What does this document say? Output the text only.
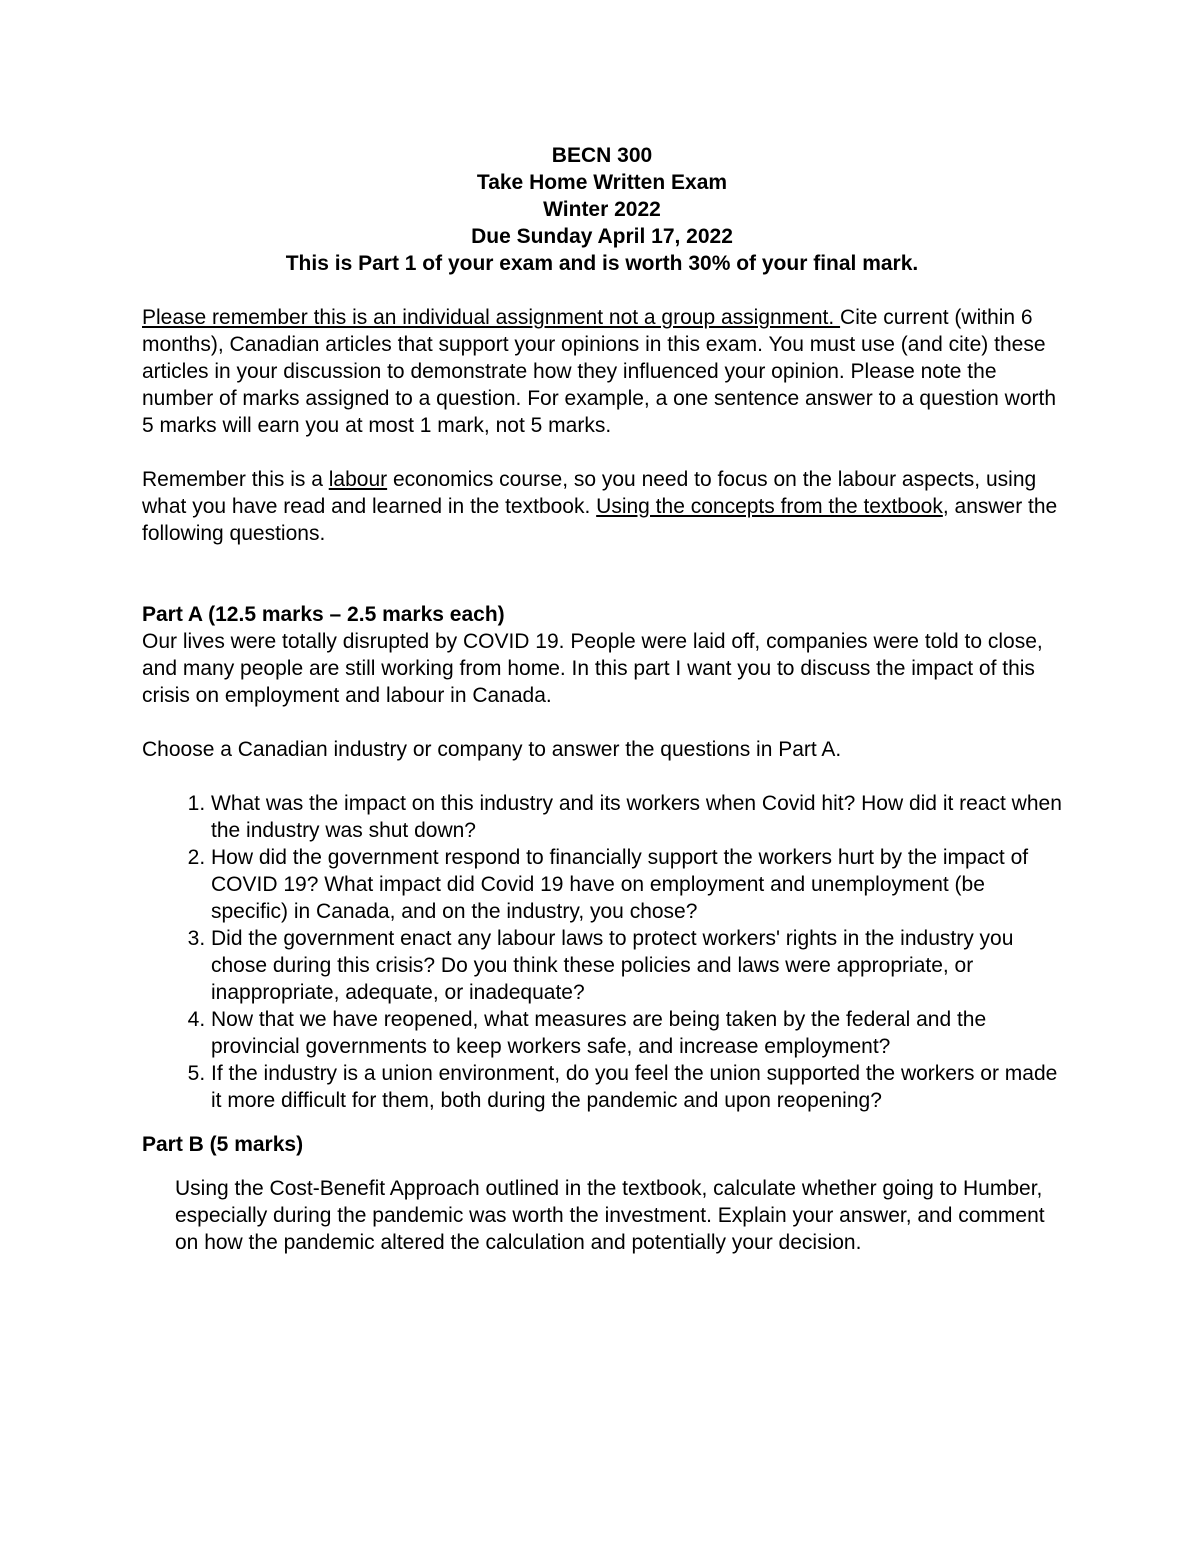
BECN 300
Take Home Written Exam
Winter 2022
Due Sunday April 17, 2022
This is Part 1 of your exam and is worth 30% of your final mark.

Please remember this is an individual assignment not a group assignment. Cite current (within 6 months), Canadian articles that support your opinions in this exam. You must use (and cite) these articles in your discussion to demonstrate how they influenced your opinion. Please note the number of marks assigned to a question. For example, a one sentence answer to a question worth 5 marks will earn you at most 1 mark, not 5 marks.

Remember this is a labour economics course, so you need to focus on the labour aspects, using what you have read and learned in the textbook. Using the concepts from the textbook, answer the following questions.

Part A (12.5 marks – 2.5 marks each)

Our lives were totally disrupted by COVID 19. People were laid off, companies were told to close, and many people are still working from home. In this part I want you to discuss the impact of this crisis on employment and labour in Canada.

Choose a Canadian industry or company to answer the questions in Part A.

1. What was the impact on this industry and its workers when Covid hit? How did it react when the industry was shut down?
2. How did the government respond to financially support the workers hurt by the impact of COVID 19? What impact did Covid 19 have on employment and unemployment (be specific) in Canada, and on the industry, you chose?
3. Did the government enact any labour laws to protect workers' rights in the industry you chose during this crisis? Do you think these policies and laws were appropriate, or inappropriate, adequate, or inadequate?
4. Now that we have reopened, what measures are being taken by the federal and the provincial governments to keep workers safe, and increase employment?
5. If the industry is a union environment, do you feel the union supported the workers or made it more difficult for them, both during the pandemic and upon reopening?

Part B (5 marks)

Using the Cost-Benefit Approach outlined in the textbook, calculate whether going to Humber, especially during the pandemic was worth the investment. Explain your answer, and comment on how the pandemic altered the calculation and potentially your decision.
